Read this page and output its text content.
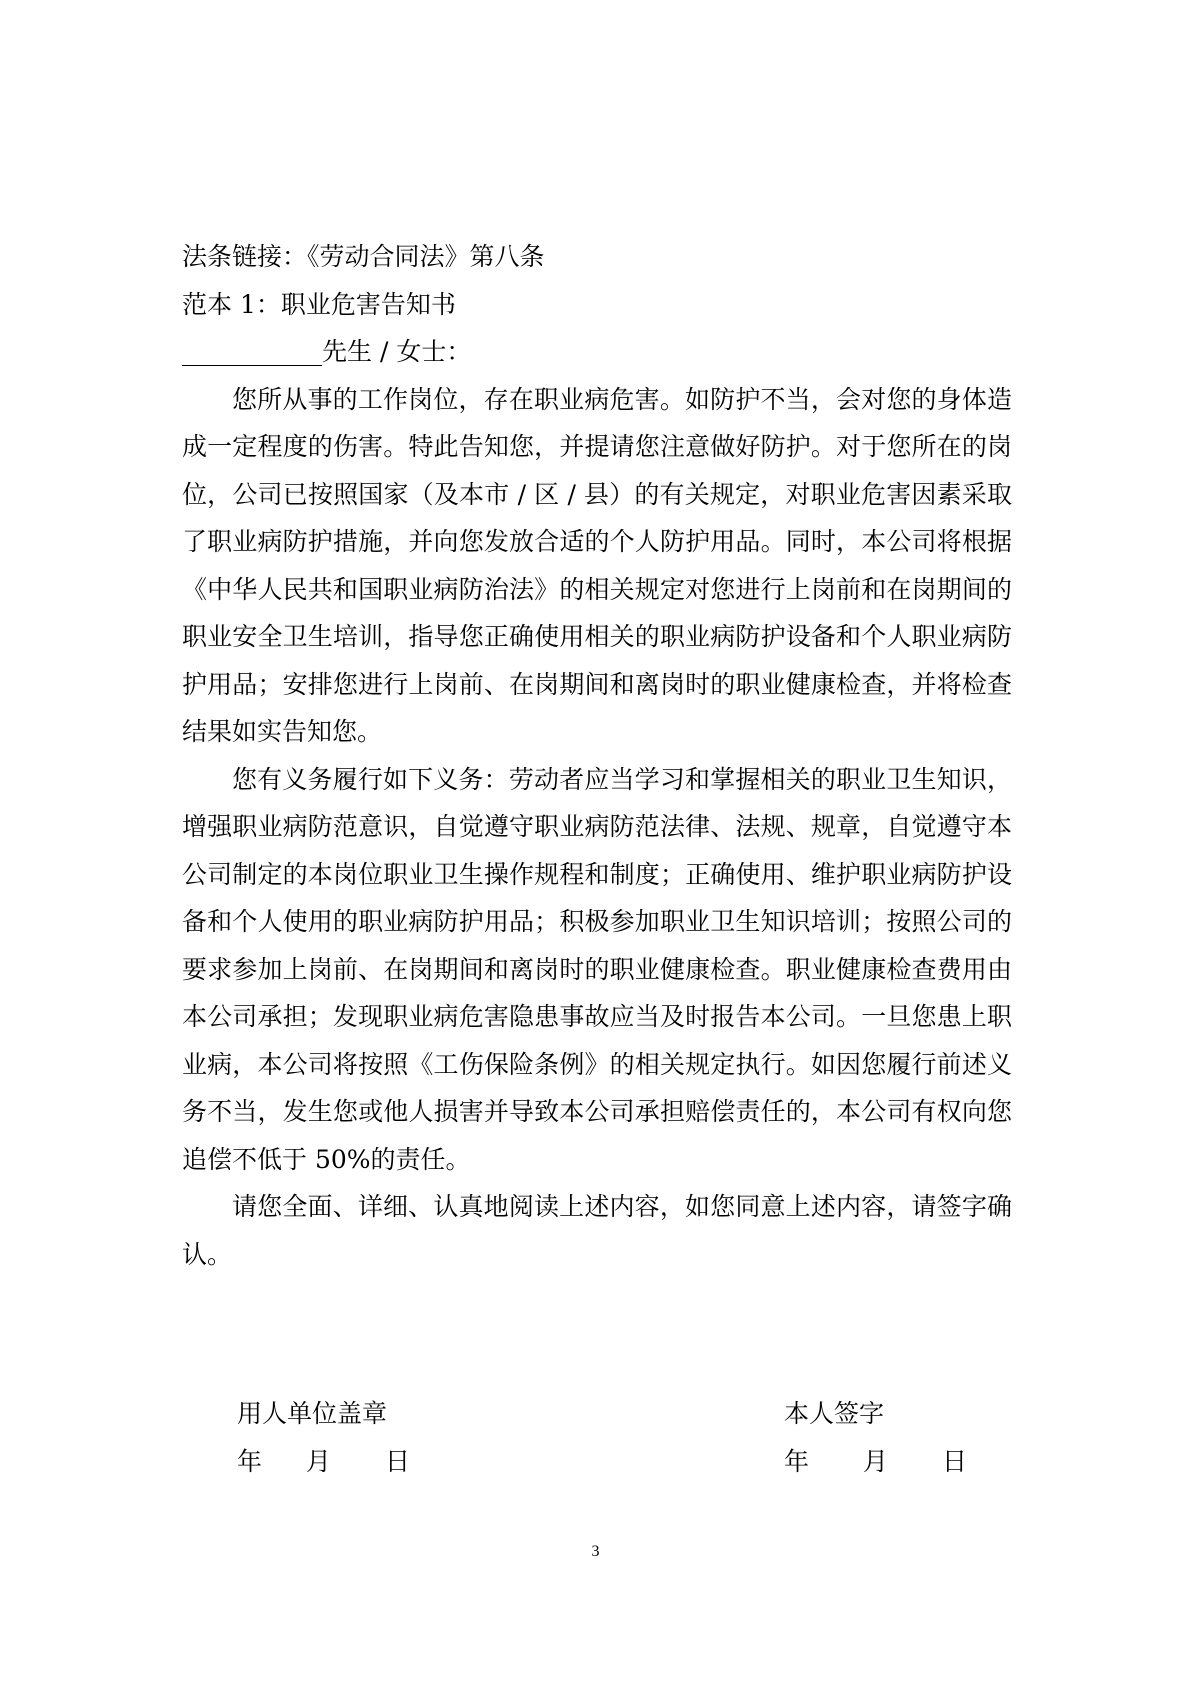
法条链接：《劳动合同法》第八条
范本 1：职业危害告知书
先生 / 女士：

您所从事的工作岗位，存在职业病危害。如防护不当，会对您的身体造成一定程度的伤害。特此告知您，并提请您注意做好防护。对于您所在的岗位，公司已按照国家（及本市 / 区 / 县）的有关规定，对职业危害因素采取了职业病防护措施，并向您发放合适的个人防护用品。同时，本公司将根据《中华人民共和国职业病防治法》的相关规定对您进行上岗前和在岗期间的职业安全卫生培训，指导您正确使用相关的职业病防护设备和个人职业病防护用品；安排您进行上岗前、在岗期间和离岗时的职业健康检查，并将检查结果如实告知您。

您有义务履行如下义务：劳动者应当学习和掌握相关的职业卫生知识，增强职业病防范意识，自觉遵守职业病防范法律、法规、规章，自觉遵守本公司制定的本岗位职业卫生操作规程和制度；正确使用、维护职业病防护设备和个人使用的职业病防护用品；积极参加职业卫生知识培训；按照公司的要求参加上岗前、在岗期间和离岗时的职业健康检查。职业健康检查费用由本公司承担；发现职业病危害隐患事故应当及时报告本公司。一旦您患上职业病，本公司将按照《工伤保险条例》的相关规定执行。如因您履行前述义务不当，发生您或他人损害并导致本公司承担赔偿责任的，本公司有权向您追偿不低于 50%的责任。

请您全面、详细、认真地阅读上述内容，如您同意上述内容，请签字确认。

用人单位盖章
年 月 日
本人签字
年 月 日
3
